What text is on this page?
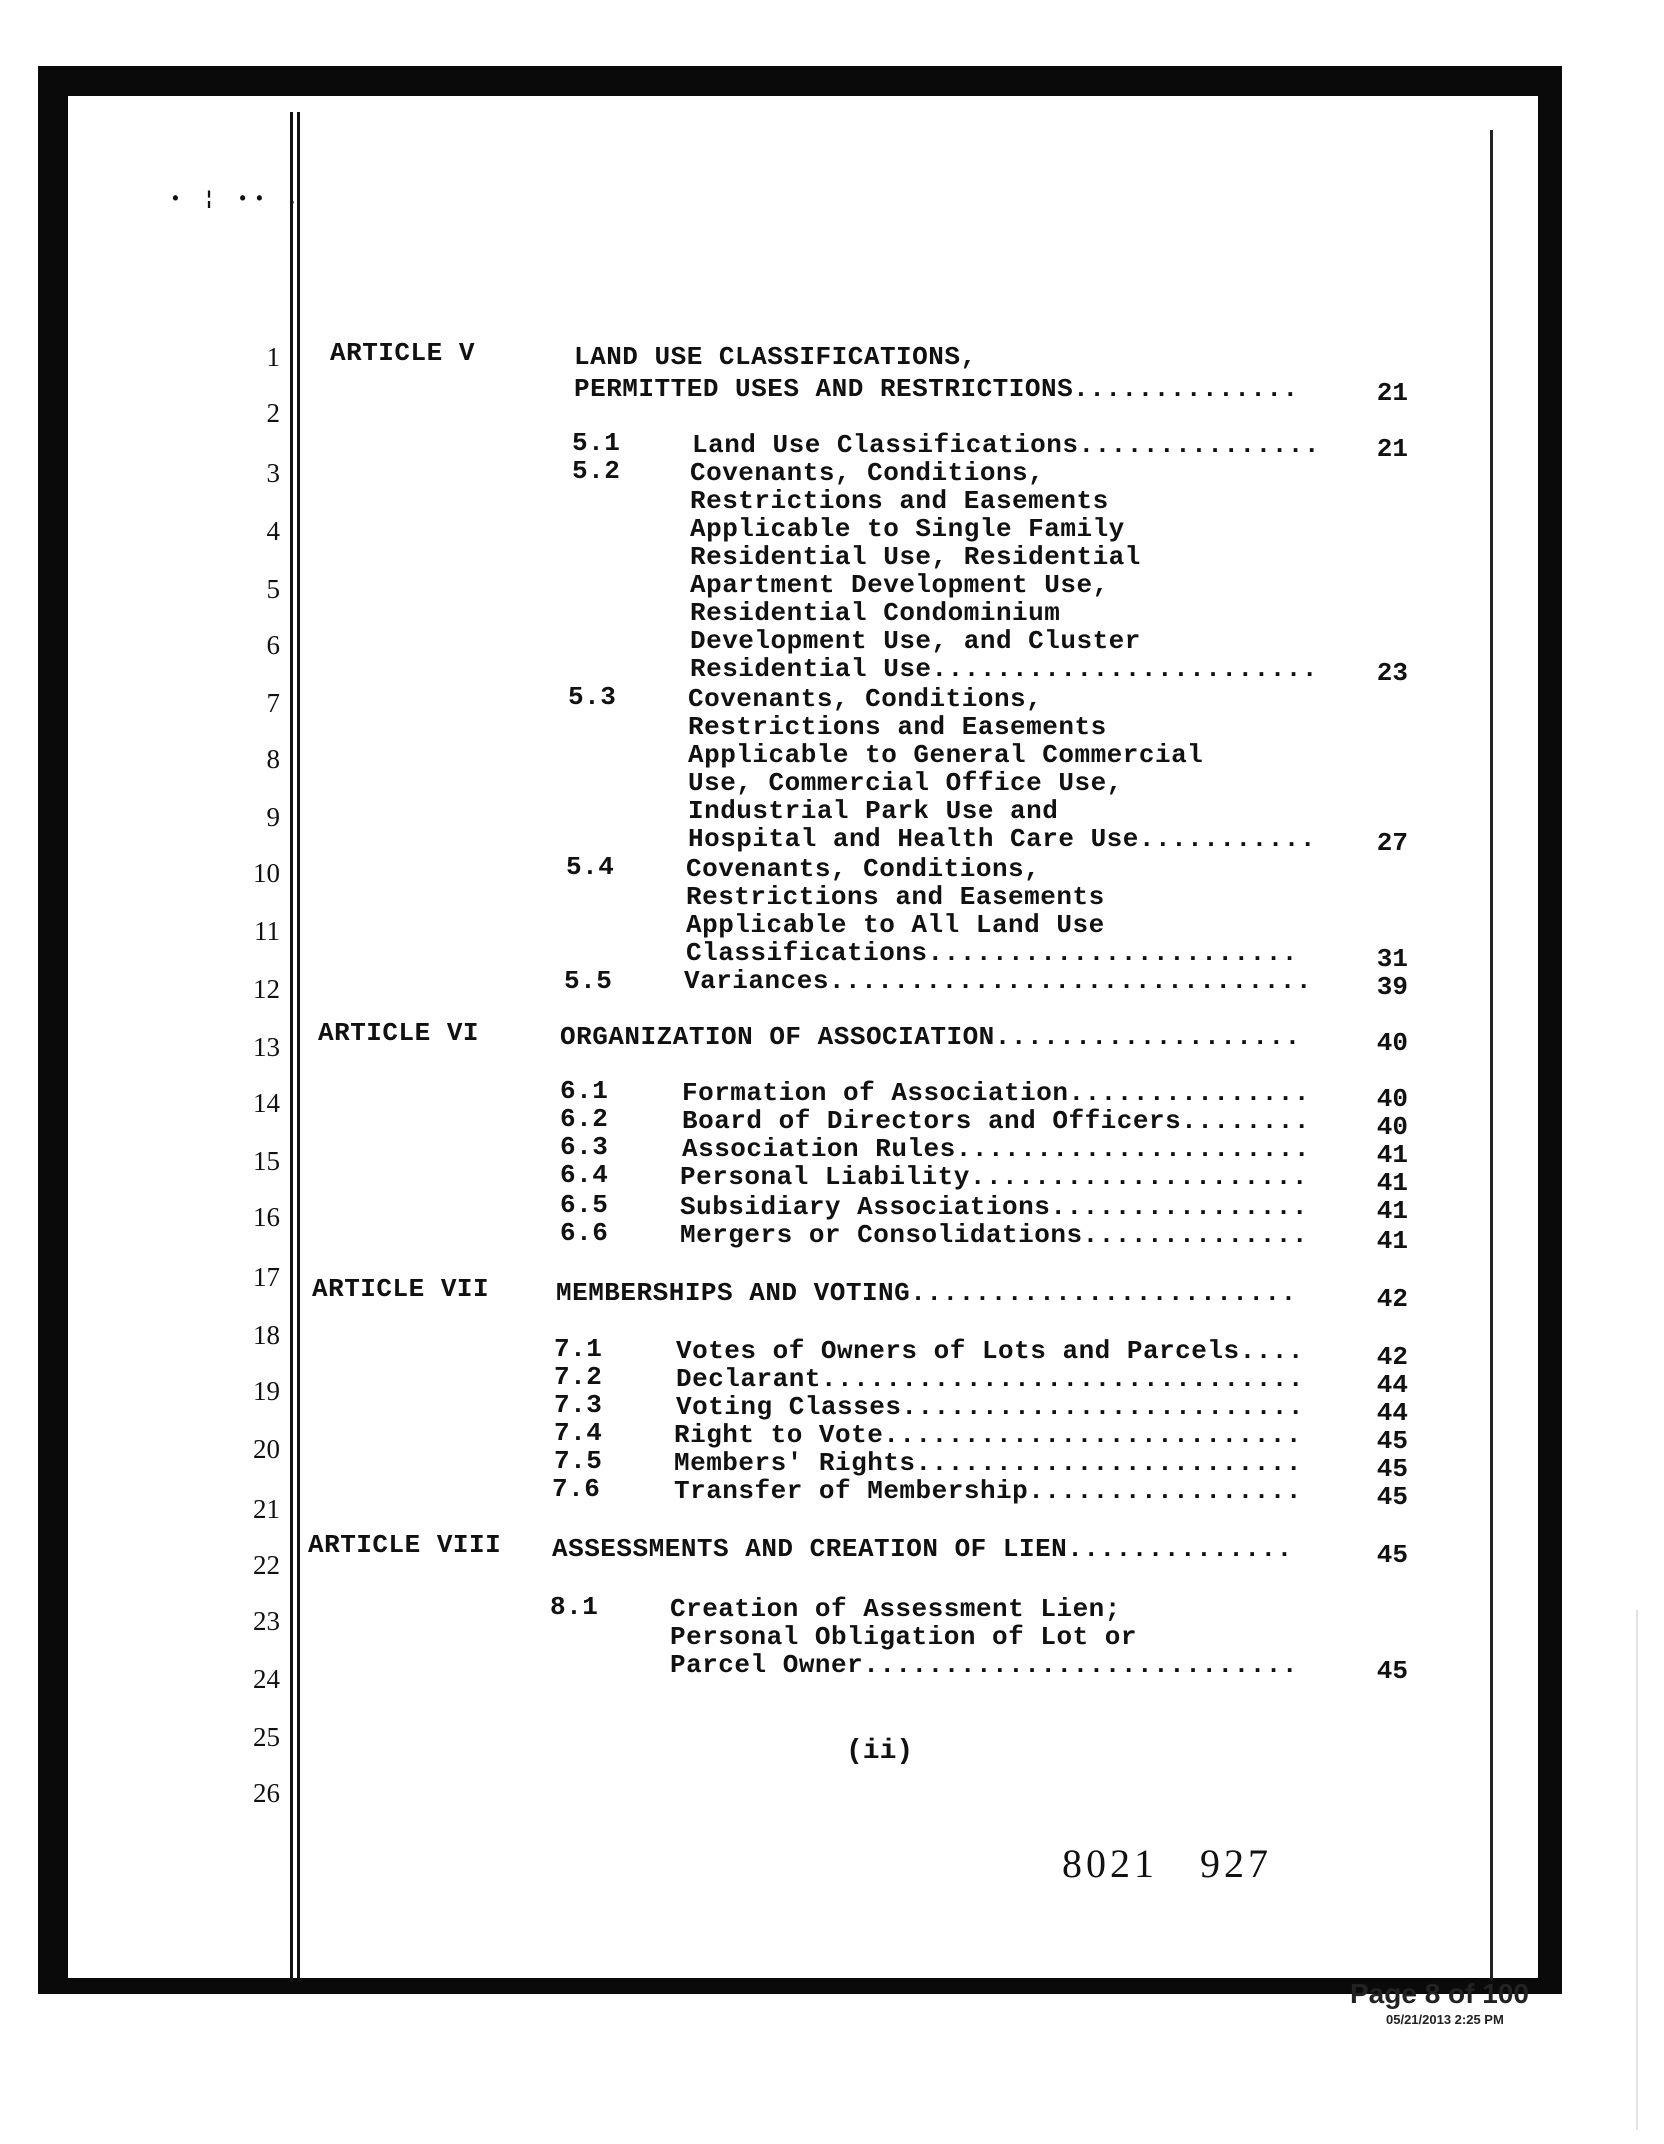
• ¦ •• ,
1
2
3
4
5
6
7
8
9
10
11
12
13
14
15
16
17
18
19
20
21
22
23
24
25
26
ARTICLE V	LAND USE CLASSIFICATIONS,
PERMITTED USES AND RESTRICTIONS..............	21
5.1	Land Use Classifications...............	21
5.2	Covenants, Conditions,
Restrictions and Easements
Applicable to Single Family
Residential Use, Residential
Apartment Development Use,
Residential Condominium
Development Use, and Cluster
Residential Use........................	23
5.3	Covenants, Conditions,
Restrictions and Easements
Applicable to General Commercial
Use, Commercial Office Use,
Industrial Park Use and
Hospital and Health Care Use...........	27
5.4	Covenants, Conditions,
Restrictions and Easements
Applicable to All Land Use
Classifications.......................	31
5.5	Variances..............................	39
ARTICLE VI	ORGANIZATION OF ASSOCIATION...................	40
6.1	Formation of Association...............	40
6.2	Board of Directors and Officers........	40
6.3	Association Rules......................	41
6.4	Personal Liability.....................	41
6.5	Subsidiary Associations................	41
6.6	Mergers or Consolidations..............	41
ARTICLE VII	MEMBERSHIPS AND VOTING........................	42
7.1	Votes of Owners of Lots and Parcels....	42
7.2	Declarant..............................	44
7.3	Voting Classes.........................	44
7.4	Right to Vote..........................	45
7.5	Members' Rights........................	45
7.6	Transfer of Membership.................	45
ARTICLE VIII ASSESSMENTS AND CREATION OF LIEN..............	45
8.1	Creation of Assessment Lien;
Personal Obligation of Lot or
Parcel Owner...........................	45
(ii)
8021   927
Page 8 of 100
05/21/2013 2:25 PM
